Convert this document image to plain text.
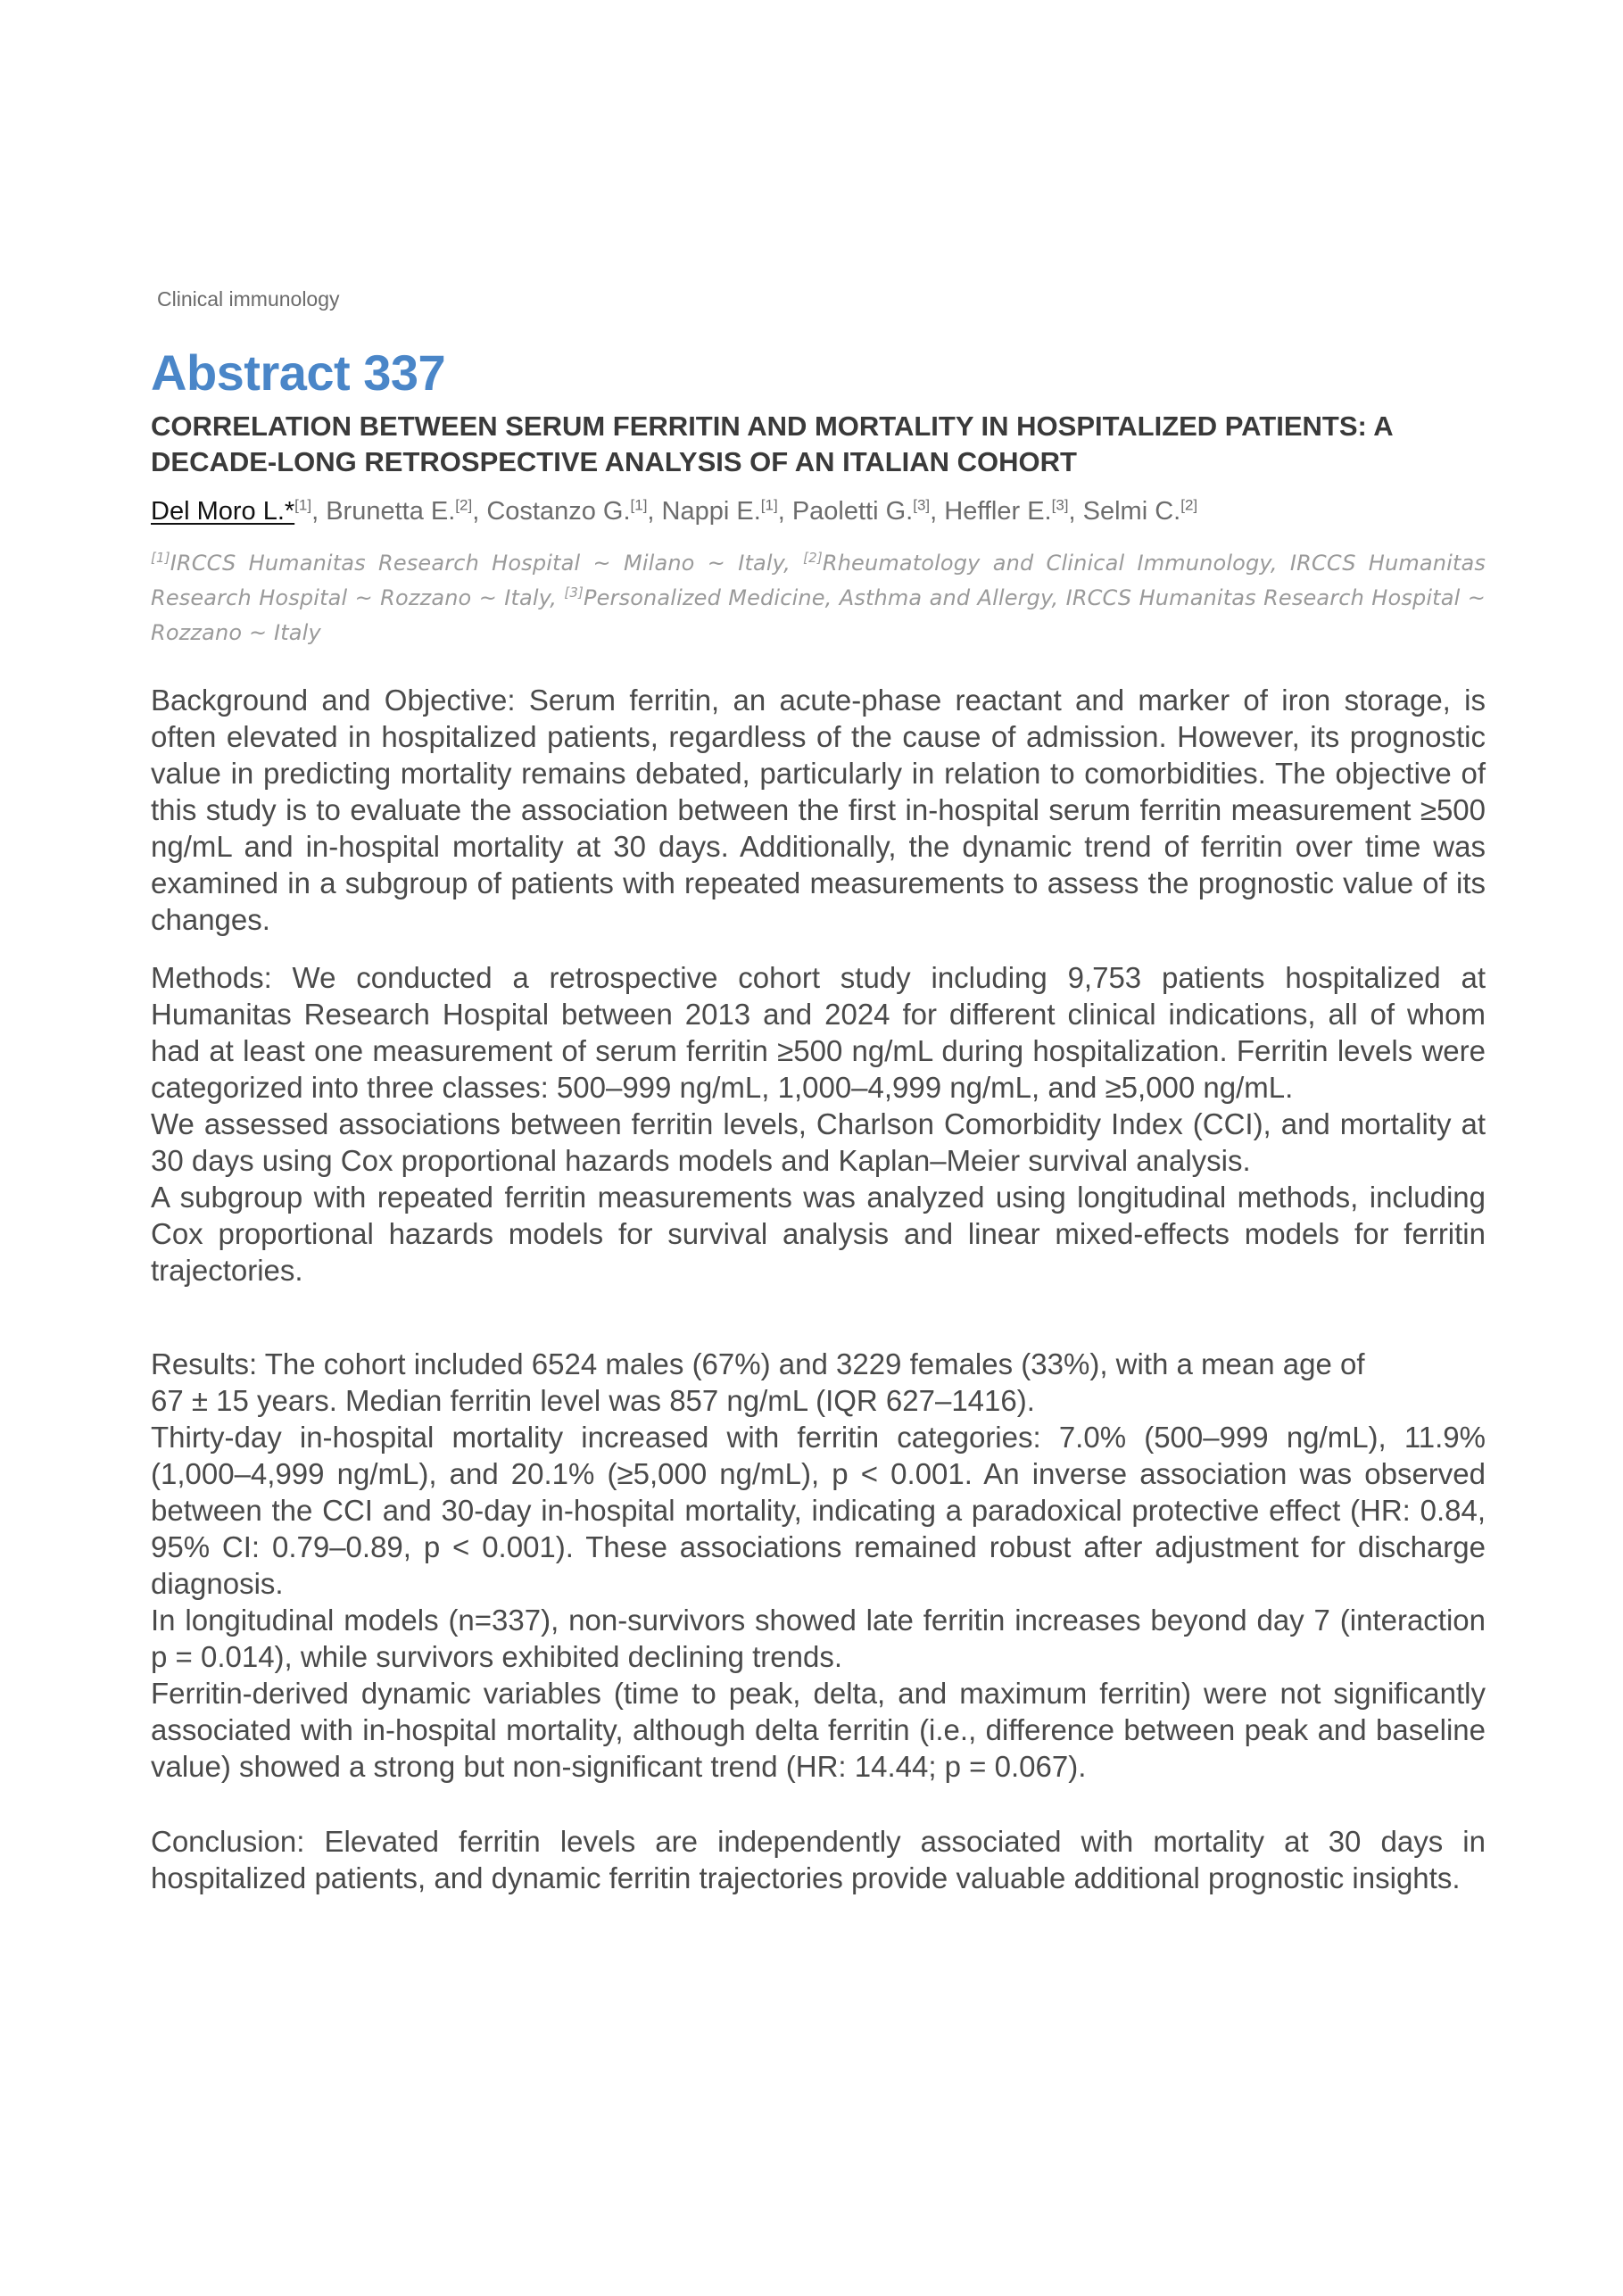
Clinical immunology
Abstract 337
CORRELATION BETWEEN SERUM FERRITIN AND MORTALITY IN HOSPITALIZED PATIENTS: A DECADE-LONG RETROSPECTIVE ANALYSIS OF AN ITALIAN COHORT
Del Moro L.*[1], Brunetta E.[2], Costanzo G.[1], Nappi E.[1], Paoletti G.[3], Heffler E.[3], Selmi C.[2]
[1]IRCCS Humanitas Research Hospital ~ Milano ~ Italy, [2]Rheumatology and Clinical Immunology, IRCCS Humanitas Research Hospital ~ Rozzano ~ Italy, [3]Personalized Medicine, Asthma and Allergy, IRCCS Humanitas Research Hospital ~ Rozzano ~ Italy

Background and Objective: Serum ferritin, an acute-phase reactant and marker of iron storage, is often elevated in hospitalized patients, regardless of the cause of admission. However, its prognostic value in predicting mortality remains debated, particularly in relation to comorbidities. The objective of this study is to evaluate the association between the first in-hospital serum ferritin measurement ≥500 ng/mL and in-hospital mortality at 30 days. Additionally, the dynamic trend of ferritin over time was examined in a subgroup of patients with repeated measurements to assess the prognostic value of its changes.

Methods: We conducted a retrospective cohort study including 9,753 patients hospitalized at Humanitas Research Hospital between 2013 and 2024 for different clinical indications, all of whom had at least one measurement of serum ferritin ≥500 ng/mL during hospitalization. Ferritin levels were categorized into three classes: 500–999 ng/mL, 1,000–4,999 ng/mL, and ≥5,000 ng/mL.

We assessed associations between ferritin levels, Charlson Comorbidity Index (CCI), and mortality at 30 days using Cox proportional hazards models and Kaplan–Meier survival analysis.

A subgroup with repeated ferritin measurements was analyzed using longitudinal methods, including Cox proportional hazards models for survival analysis and linear mixed-effects models for ferritin trajectories.

Results: The cohort included 6524 males (67%) and 3229 females (33%), with a mean age of

67 ± 15 years. Median ferritin level was 857 ng/mL (IQR 627–1416).

Thirty-day in-hospital mortality increased with ferritin categories: 7.0% (500–999 ng/mL), 11.9% (1,000–4,999 ng/mL), and 20.1% (≥5,000 ng/mL), p < 0.001. An inverse association was observed between the CCI and 30-day in-hospital mortality, indicating a paradoxical protective effect (HR: 0.84, 95% CI: 0.79–0.89, p < 0.001). These associations remained robust after adjustment for discharge diagnosis.

In longitudinal models (n=337), non-survivors showed late ferritin increases beyond day 7 (interaction p = 0.014), while survivors exhibited declining trends.

Ferritin-derived dynamic variables (time to peak, delta, and maximum ferritin) were not significantly associated with in-hospital mortality, although delta ferritin (i.e., difference between peak and baseline value) showed a strong but non-significant trend (HR: 14.44; p = 0.067).

Conclusion: Elevated ferritin levels are independently associated with mortality at 30 days in hospitalized patients, and dynamic ferritin trajectories provide valuable additional prognostic insights.
